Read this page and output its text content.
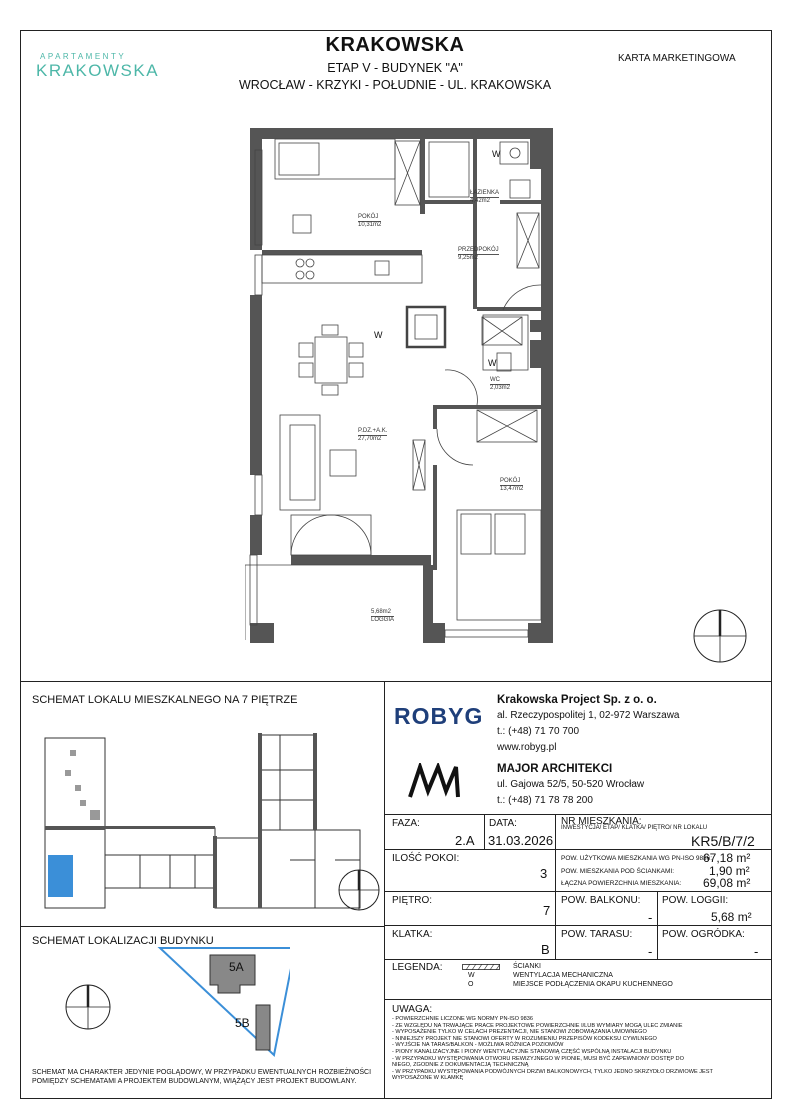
APARTAMENTY
KRAKOWSKA
KRAKOWSKA
ETAP V - BUDYNEK "A"
WROCŁAW - KRZYKI - POŁUDNIE - UL. KRAKOWSKA
KARTA MARKETINGOWA
POKÓJ
10,31m2
ŁAZIENKA
4,42m2
PRZEDPOKÓJ
9,25m2
P.DZ.+A.K.
27,70m2
WC
2,03m2
POKÓJ
13,47m2
5,68m2
LOGGIA
W
W
W
SCHEMAT LOKALU MIESZKALNEGO NA 7 PIĘTRZE
SCHEMAT LOKALIZACJI BUDYNKU
5A
5B
SCHEMAT MA CHARAKTER JEDYNIE POGLĄDOWY, W PRZYPADKU EWENTUALNYCH ROZBIEŻNOŚCI
POMIĘDZY SCHEMATAMI A PROJEKTEM BUDOWLANYM, WIĄŻĄCY JEST PROJEKT BUDOWLANY.
ROBYG
Krakowska Project Sp. z o. o.
al. Rzeczypospolitej 1, 02-972 Warszawa
t.: (+48) 71 70 700
www.robyg.pl
MAJOR ARCHITEKCI
ul. Gajowa 52/5, 50-520 Wrocław
t.: (+48) 71 78 78 200
FAZA:
2.A
DATA:
31.03.2026
NR MIESZKANIA:
INWESTYCJA/ ETAP/ KLATKA/ PIĘTRO/ NR LOKALU
KR5/B/7/2
ILOŚĆ POKOI:
3
POW. UŻYTKOWA MIESZKANIA WG PN-ISO 9836:
67,18 m²
POW. MIESZKANIA POD ŚCIANKAMI:	1,90 m²
ŁĄCZNA POWIERZCHNIA MIESZKANIA: 69,08 m²
PIĘTRO:
7
POW. BALKONU:
-
POW. LOGGII:
5,68 m²
KLATKA:
B
POW. TARASU:
-
POW. OGRÓDKA:
-
LEGENDA:
W
O
ŚCIANKI
WENTYLACJA MECHANICZNA
MIEJSCE PODŁĄCZENIA OKAPU KUCHENNEGO
UWAGA:
- POWIERZCHNIE LICZONE WG NORMY PN-ISO 9836
- ZE WZGLĘDU NA TRWAJĄCE PRACE PROJEKTOWE POWIERZCHNIE I/LUB WYMIARY MOGĄ ULEC ZMIANIE
- WYPOSAŻENIE TYLKO W CELACH PREZENTACJI, NIE STANOWI ZOBOWIĄZANIA UMOWNEGO
- NINIEJSZY PROJEKT NIE STANOWI OFERTY W ROZUMIENIU PRZEPISÓW KODEKSU CYWILNEGO
- WYJŚCIE NA TARAS/BALKON - MOŻLIWA RÓŻNICA POZIOMÓW
- PIONY KANALIZACYJNE I PIONY WENTYLACYJNE STANOWIĄ CZĘŚĆ WSPÓLNĄ INSTALACJI BUDYNKU
- W PRZYPADKU WYSTĘPOWANIA OTWORU REWIZYJNEGO W PIONIE, MUSI BYĆ ZAPEWNIONY DOSTĘP DO
NIEGO, ZGODNIE Z DOKUMENTACJĄ TECHNICZNĄ
- W PRZYPADKU WYSTĘPOWANIA PODWÓJNYCH DRZWI BALKONOWYCH, TYLKO JEDNO SKRZYDŁO DRZWIOWE JEST
WYPOSAŻONE W KLAMKĘ
